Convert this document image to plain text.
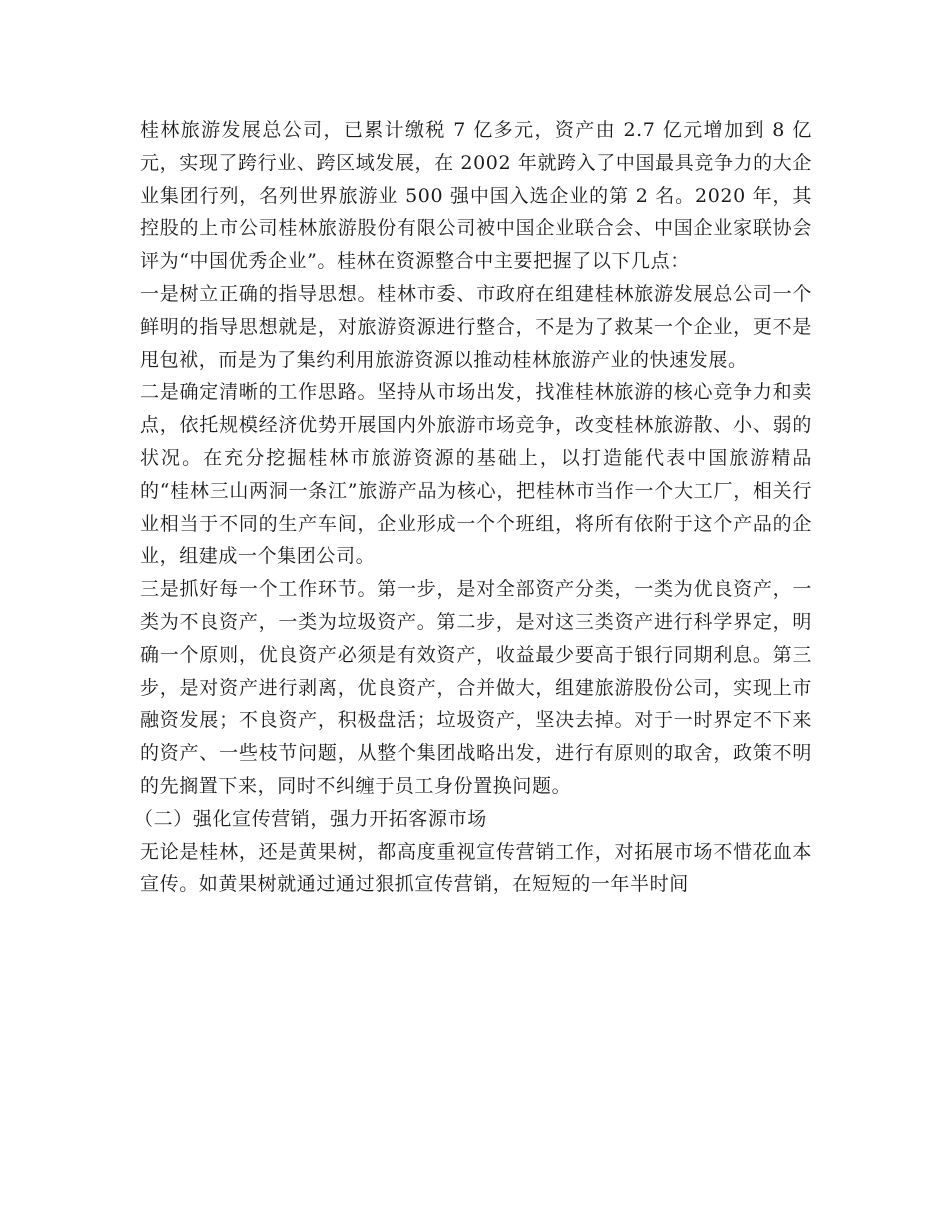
桂林旅游发展总公司，已累计缴税 7 亿多元，资产由 2.7 亿元增加到 8 亿元，实现了跨行业、跨区域发展，在 2002 年就跨入了中国最具竞争力的大企业集团行列，名列世界旅游业 500 强中国入选企业的第 2 名。2020 年，其控股的上市公司桂林旅游股份有限公司被中国企业联合会、中国企业家联协会评为“中国优秀企业”。桂林在资源整合中主要把握了以下几点：

一是树立正确的指导思想。桂林市委、市政府在组建桂林旅游发展总公司一个鲜明的指导思想就是，对旅游资源进行整合，不是为了救某一个企业，更不是甩包袱，而是为了集约利用旅游资源以推动桂林旅游产业的快速发展。

二是确定清晰的工作思路。坚持从市场出发，找准桂林旅游的核心竞争力和卖点，依托规模经济优势开展国内外旅游市场竞争，改变桂林旅游散、小、弱的状况。在充分挖掘桂林市旅游资源的基础上，以打造能代表中国旅游精品的“桂林三山两洞一条江”旅游产品为核心，把桂林市当作一个大工厂，相关行业相当于不同的生产车间，企业形成一个个班组，将所有依附于这个产品的企业，组建成一个集团公司。

三是抓好每一个工作环节。第一步，是对全部资产分类，一类为优良资产，一类为不良资产，一类为垃圾资产。第二步，是对这三类资产进行科学界定，明确一个原则，优良资产必须是有效资产，收益最少要高于银行同期利息。第三步，是对资产进行剥离，优良资产，合并做大，组建旅游股份公司，实现上市融资发展；不良资产，积极盘活；垃圾资产，坚决去掉。对于一时界定不下来的资产、一些枝节问题，从整个集团战略出发，进行有原则的取舍，政策不明的先搁置下来，同时不纠缠于员工身份置换问题。

（二）强化宣传营销，强力开拓客源市场

无论是桂林，还是黄果树，都高度重视宣传营销工作，对拓展市场不惜花血本宣传。如黄果树就通过通过狠抓宣传营销，在短短的一年半时间
